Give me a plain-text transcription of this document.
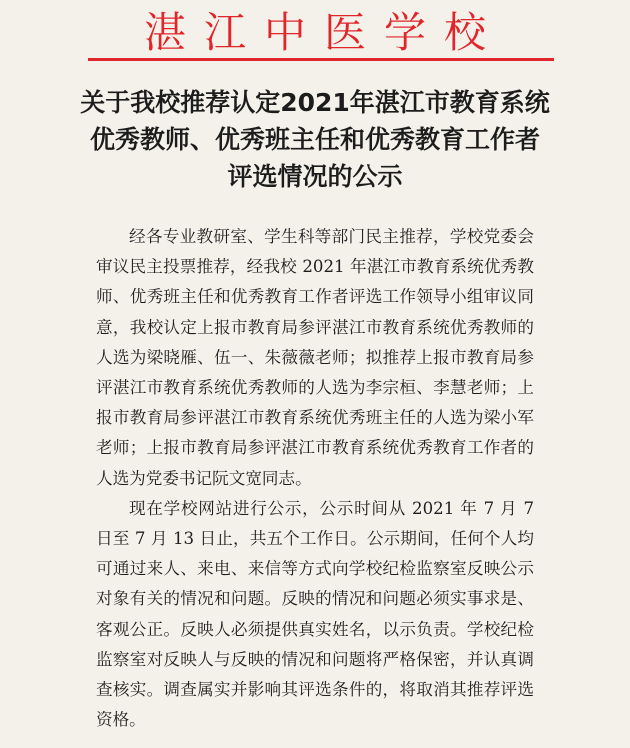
湛江中医学校
关于我校推荐认定2021年湛江市教育系统
优秀教师、优秀班主任和优秀教育工作者
评选情况的公示

经各专业教研室、学生科等部门民主推荐，学校党委会审议民主投票推荐，经我校 2021 年湛江市教育系统优秀教师、优秀班主任和优秀教育工作者评选工作领导小组审议同意，我校认定上报市教育局参评湛江市教育系统优秀教师的人选为梁晓雁、伍一、朱薇薇老师；拟推荐上报市教育局参评湛江市教育系统优秀教师的人选为李宗桓、李慧老师；上报市教育局参评湛江市教育系统优秀班主任的人选为梁小军老师；上报市教育局参评湛江市教育系统优秀教育工作者的人选为党委书记阮文宽同志。

现在学校网站进行公示，公示时间从 2021 年 7 月 7 日至 7 月 13 日止，共五个工作日。公示期间，任何个人均可通过来人、来电、来信等方式向学校纪检监察室反映公示对象有关的情况和问题。反映的情况和问题必须实事求是、客观公正。反映人必须提供真实姓名，以示负责。学校纪检监察室对反映人与反映的情况和问题将严格保密，并认真调查核实。调查属实并影响其评选条件的，将取消其推荐评选资格。
